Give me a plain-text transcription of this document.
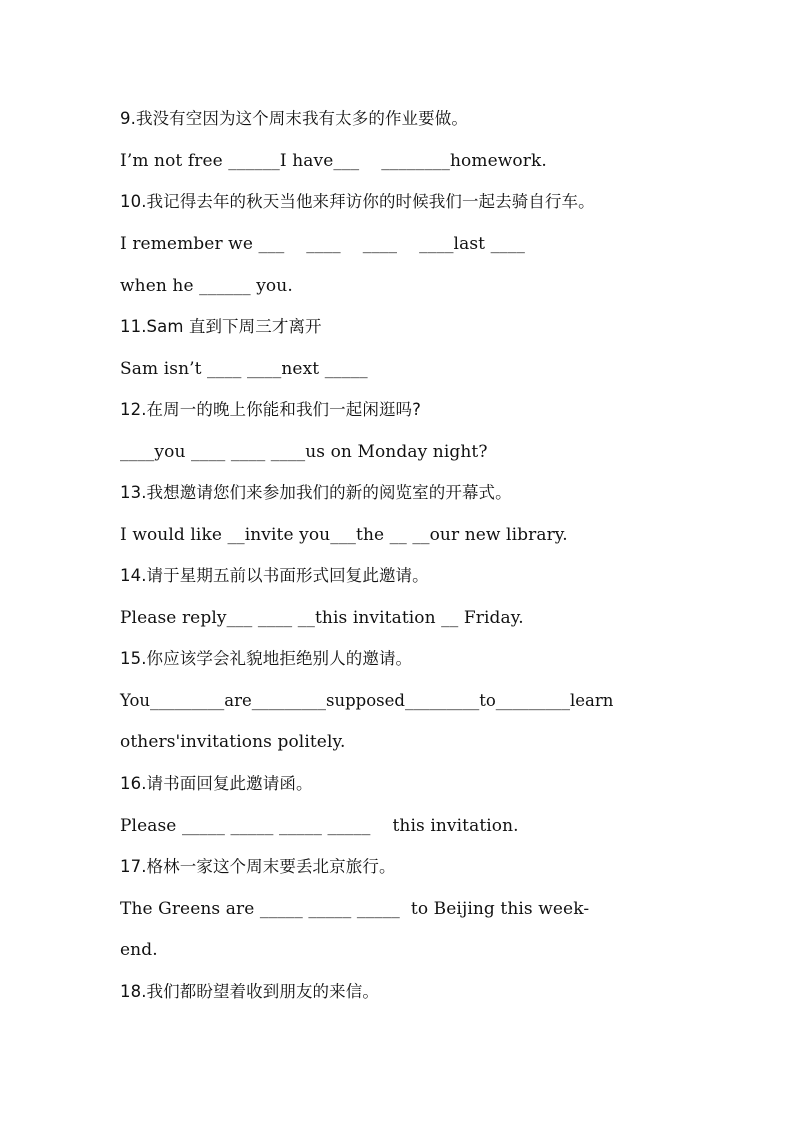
9.我没有空因为这个周末我有太多的作业要做。
I’m not free ______I have___    ________homework.
10.我记得去年的秋天当他来拜访你的时候我们一起去骑自行车。
I remember we ___    ____    ____    ____last ____
when he ______ you.
11.Sam 直到下周三才离开
Sam isn’t ____ ____next _____
12.在周一的晚上你能和我们一起闲逛吗?
____you ____ ____ ____us on Monday night?
13.我想邀请您们来参加我们的新的阅览室的开幕式。
I would like __invite you___the __ __our new library.
14.请于星期五前以书面形式回复此邀请。
Please reply___ ____ __this invitation __ Friday.
15.你应该学会礼貌地拒绝别人的邀请。
You_________are_________supposed_________to_________learn
others'invitations politely.
16.请书面回复此邀请函。
Please _____ _____ _____ _____    this invitation.
17.格林一家这个周末要丢北京旅行。
The Greens are _____ _____ _____  to Beijing this week-
end.
18.我们都盼望着收到朋友的来信。
